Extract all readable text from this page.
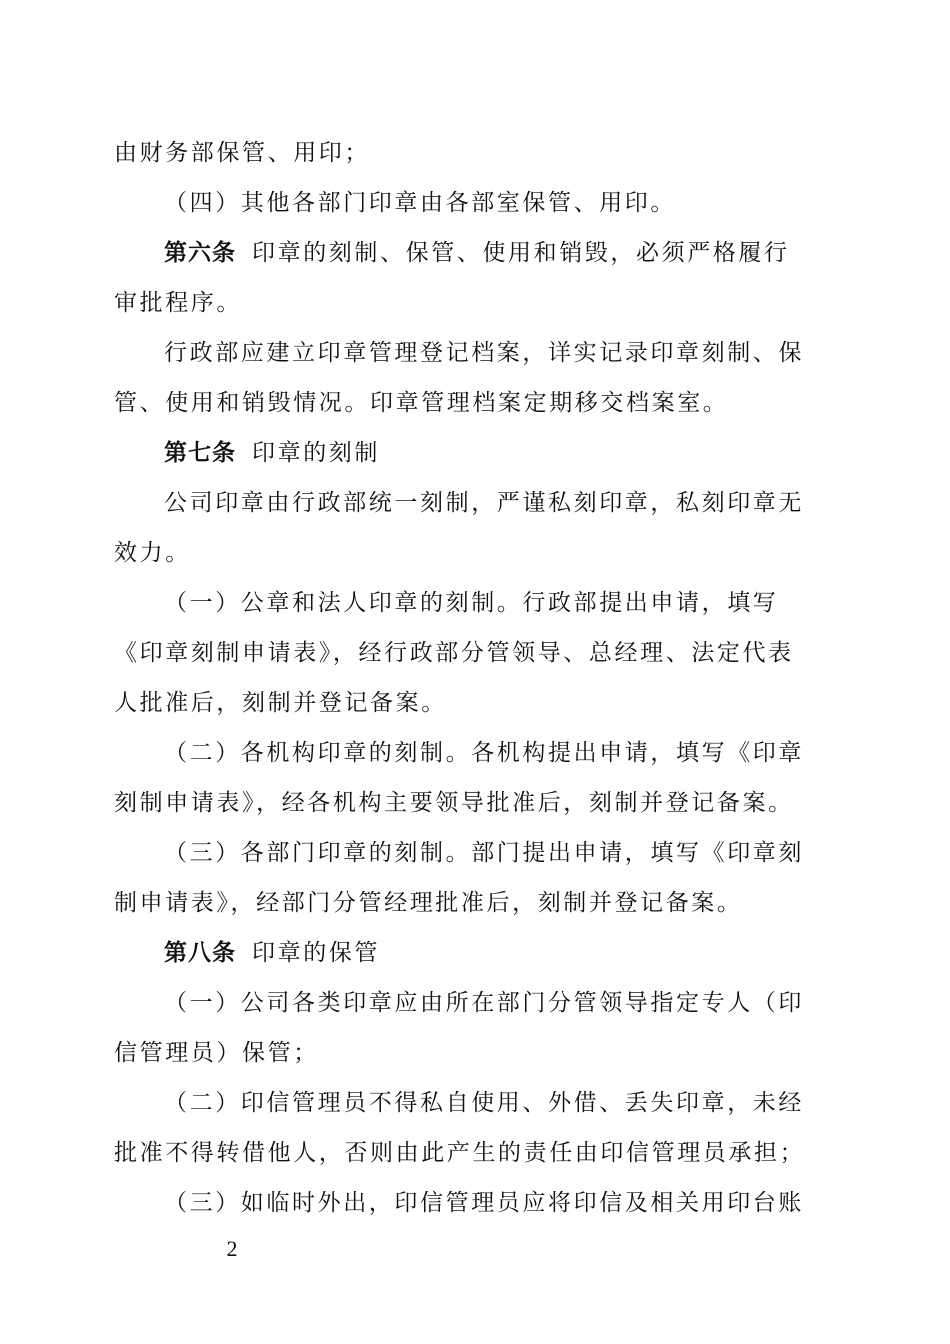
由财务部保管、用印；
（四）其他各部门印章由各部室保管、用印。
第六条 印章的刻制、保管、使用和销毁，必须严格履行
审批程序。
行政部应建立印章管理登记档案，详实记录印章刻制、保
管、使用和销毁情况。印章管理档案定期移交档案室。
第七条 印章的刻制
公司印章由行政部统一刻制，严谨私刻印章，私刻印章无
效力。
（一）公章和法人印章的刻制。行政部提出申请，填写
《印章刻制申请表》，经行政部分管领导、总经理、法定代表
人批准后，刻制并登记备案。
（二）各机构印章的刻制。各机构提出申请，填写《印章
刻制申请表》，经各机构主要领导批准后，刻制并登记备案。
（三）各部门印章的刻制。部门提出申请，填写《印章刻
制申请表》，经部门分管经理批准后，刻制并登记备案。
第八条 印章的保管
（一）公司各类印章应由所在部门分管领导指定专人（印
信管理员）保管；
（二）印信管理员不得私自使用、外借、丢失印章，未经
批准不得转借他人，否则由此产生的责任由印信管理员承担；
（三）如临时外出，印信管理员应将印信及相关用印台账
2
